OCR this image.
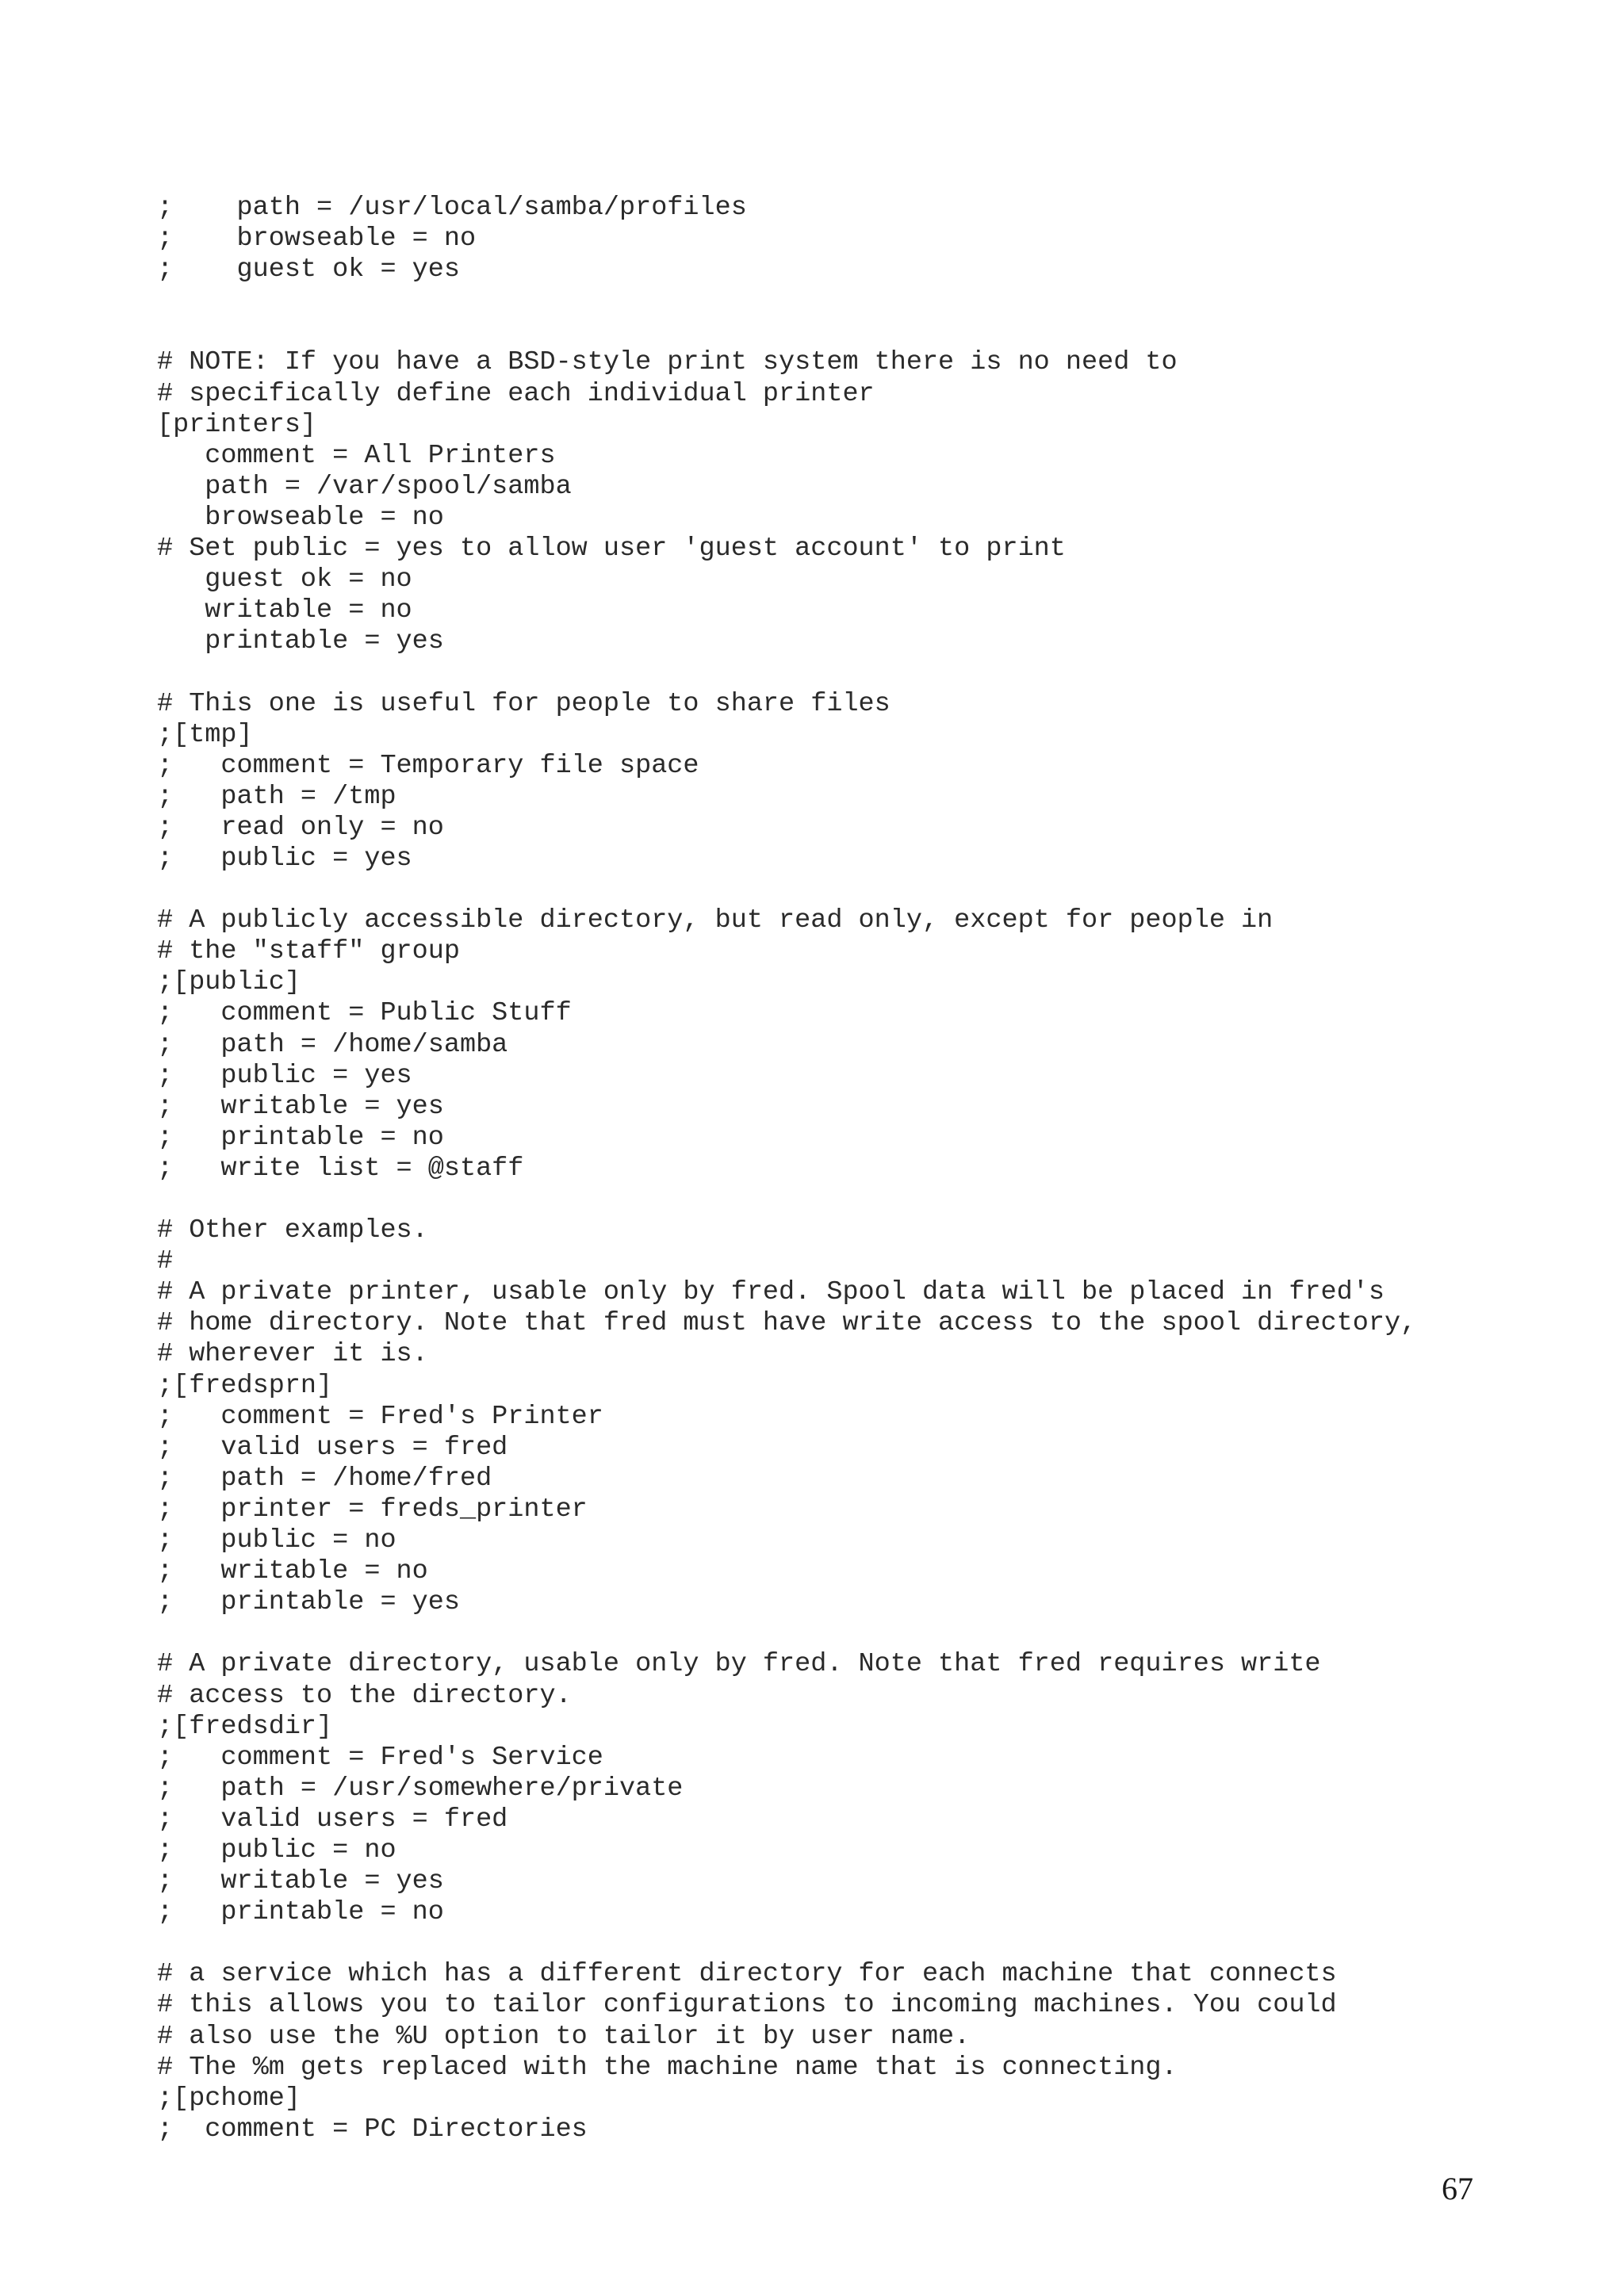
;    path = /usr/local/samba/profiles
;    browseable = no
;    guest ok = yes
# NOTE: If you have a BSD-style print system there is no need to
# specifically define each individual printer
[printers]
comment = All Printers
path = /var/spool/samba
browseable = no
# Set public = yes to allow user 'guest account' to print
guest ok = no
writable = no
printable = yes
# This one is useful for people to share files
;[tmp]
;   comment = Temporary file space
;   path = /tmp
;   read only = no
;   public = yes
# A publicly accessible directory, but read only, except for people in
# the "staff" group
;[public]
;   comment = Public Stuff
;   path = /home/samba
;   public = yes
;   writable = yes
;   printable = no
;   write list = @staff
# Other examples.
#
# A private printer, usable only by fred. Spool data will be placed in fred's
# home directory. Note that fred must have write access to the spool directory,
# wherever it is.
;[fredsprn]
;   comment = Fred's Printer
;   valid users = fred
;   path = /home/fred
;   printer = freds_printer
;   public = no
;   writable = no
;   printable = yes
# A private directory, usable only by fred. Note that fred requires write
# access to the directory.
;[fredsdir]
;   comment = Fred's Service
;   path = /usr/somewhere/private
;   valid users = fred
;   public = no
;   writable = yes
;   printable = no
# a service which has a different directory for each machine that connects
# this allows you to tailor configurations to incoming machines. You could
# also use the %U option to tailor it by user name.
# The %m gets replaced with the machine name that is connecting.
;[pchome]
;  comment = PC Directories
67
